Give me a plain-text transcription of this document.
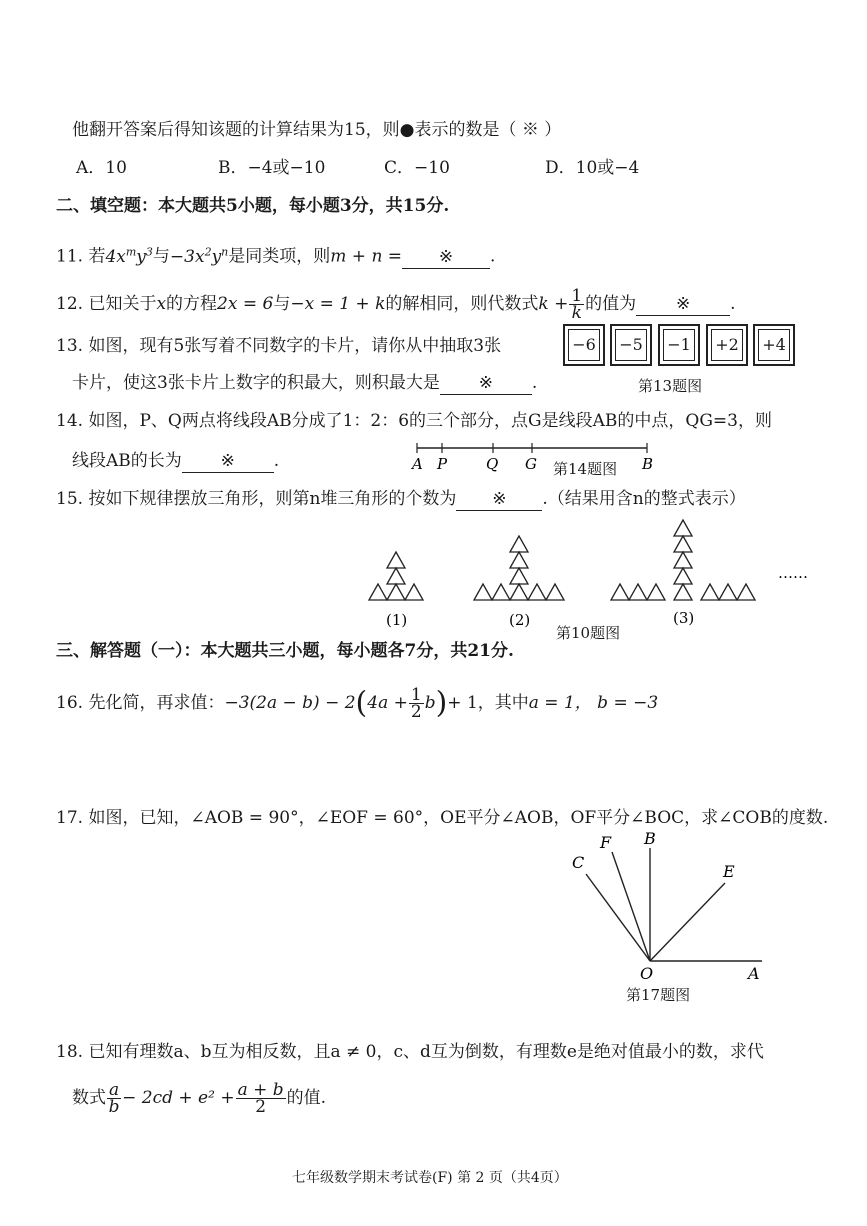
他翻开答案后得知该题的计算结果为15，则●表示的数是（ ※ ）
A．10	B．−4或−10	C．−10	D．10或−4
二、填空题：本大题共5小题，每小题3分，共15分.
11. 若$4x^my^3$与$-3x^2y^n$是同类项，则m + n = ※ .
12. 已知关于x的方程2x = 6与−x = 1 + k的解相同，则代数式$k + \frac{1}{k}$ 的值为 ※ .
13. 如图，现有5张写着不同数字的卡片，请你从中抽取3张
卡片，使这3张卡片上数字的积最大，则积最大是 ※ .
−6	−5	−1	+2	+4
第13题图
14. 如图，P、Q两点将线段AB分成了1：2：6的三个部分，点G是线段AB的中点，QG=3，则
线段AB的长为 ※ .	A P	Q G	B
第14题图
15. 按如下规律摆放三角形，则第n堆三角形的个数为 ※ .（结果用含n的整式表示）
(1)	(2)	(3)
……
第10题图
三、解答题（一）：本大题共三小题，每小题各7分，共21分.
16. 先化简，再求值：$-3(2a - b) - 2(4a + \frac{1}{2} b)+ 1$，其中a = 1， b = −3
17. 如图，已知，∠AOB = 90°，∠EOF = 60°，OE平分∠AOB，OF平分∠BOC，求∠COB的度数.
C
F B
E
O	A
第17题图
18. 已知有理数a、b互为相反数，且a ≠ 0，c、d互为倒数，有理数e是绝对值最小的数，求代
数式 $\frac{a}{b} - 2cd + e^2 + \frac{a + b}{2}$ 的值.
七年级数学期末考试卷(F) 第 2 页（共4页）
